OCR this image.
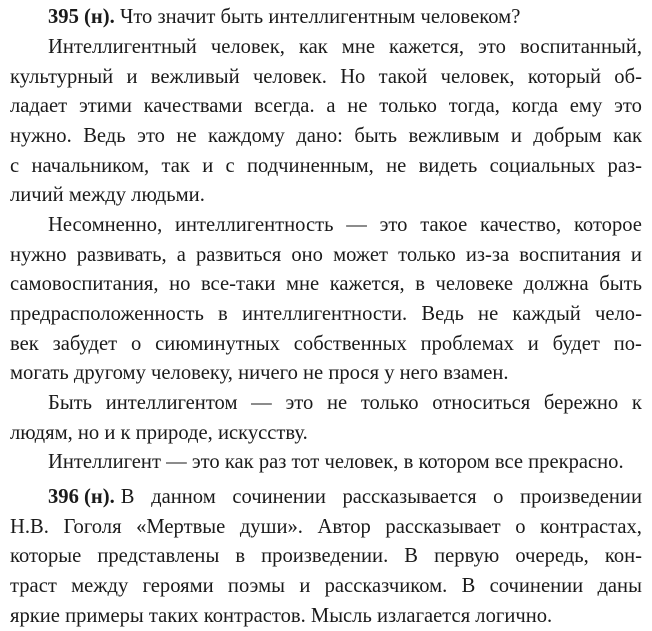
395 (н). Что значит быть интеллигентным человеком?
Интеллигентный человек, как мне кажется, это воспитанный,
культурный и вежливый человек. Но такой человек, который об-
ладает этими качествами всегда. а не только тогда, когда ему это
нужно. Ведь это не каждому дано: быть вежливым и добрым как
с начальником, так и с подчиненным, не видеть социальных раз-
личий между людьми.
Несомненно, интеллигентность — это такое качество, которое
нужно развивать, а развиться оно может только из-за воспитания и
самовоспитания, но все-таки мне кажется, в человеке должна быть
предрасположенность в интеллигентности. Ведь не каждый чело-
век забудет о сиюминутных собственных проблемах и будет по-
могать другому человеку, ничего не прося у него взамен.
Быть интеллигентом — это не только относиться бережно к
людям, но и к природе, искусству.
Интеллигент — это как раз тот человек, в котором все прекрасно.
396 (н). В данном сочинении рассказывается о произведении
Н.В. Гоголя «Мертвые души». Автор рассказывает о контрастах,
которые представлены в произведении. В первую очередь, кон-
траст между героями поэмы и рассказчиком. В сочинении даны
яркие примеры таких контрастов. Мысль излагается логично.
